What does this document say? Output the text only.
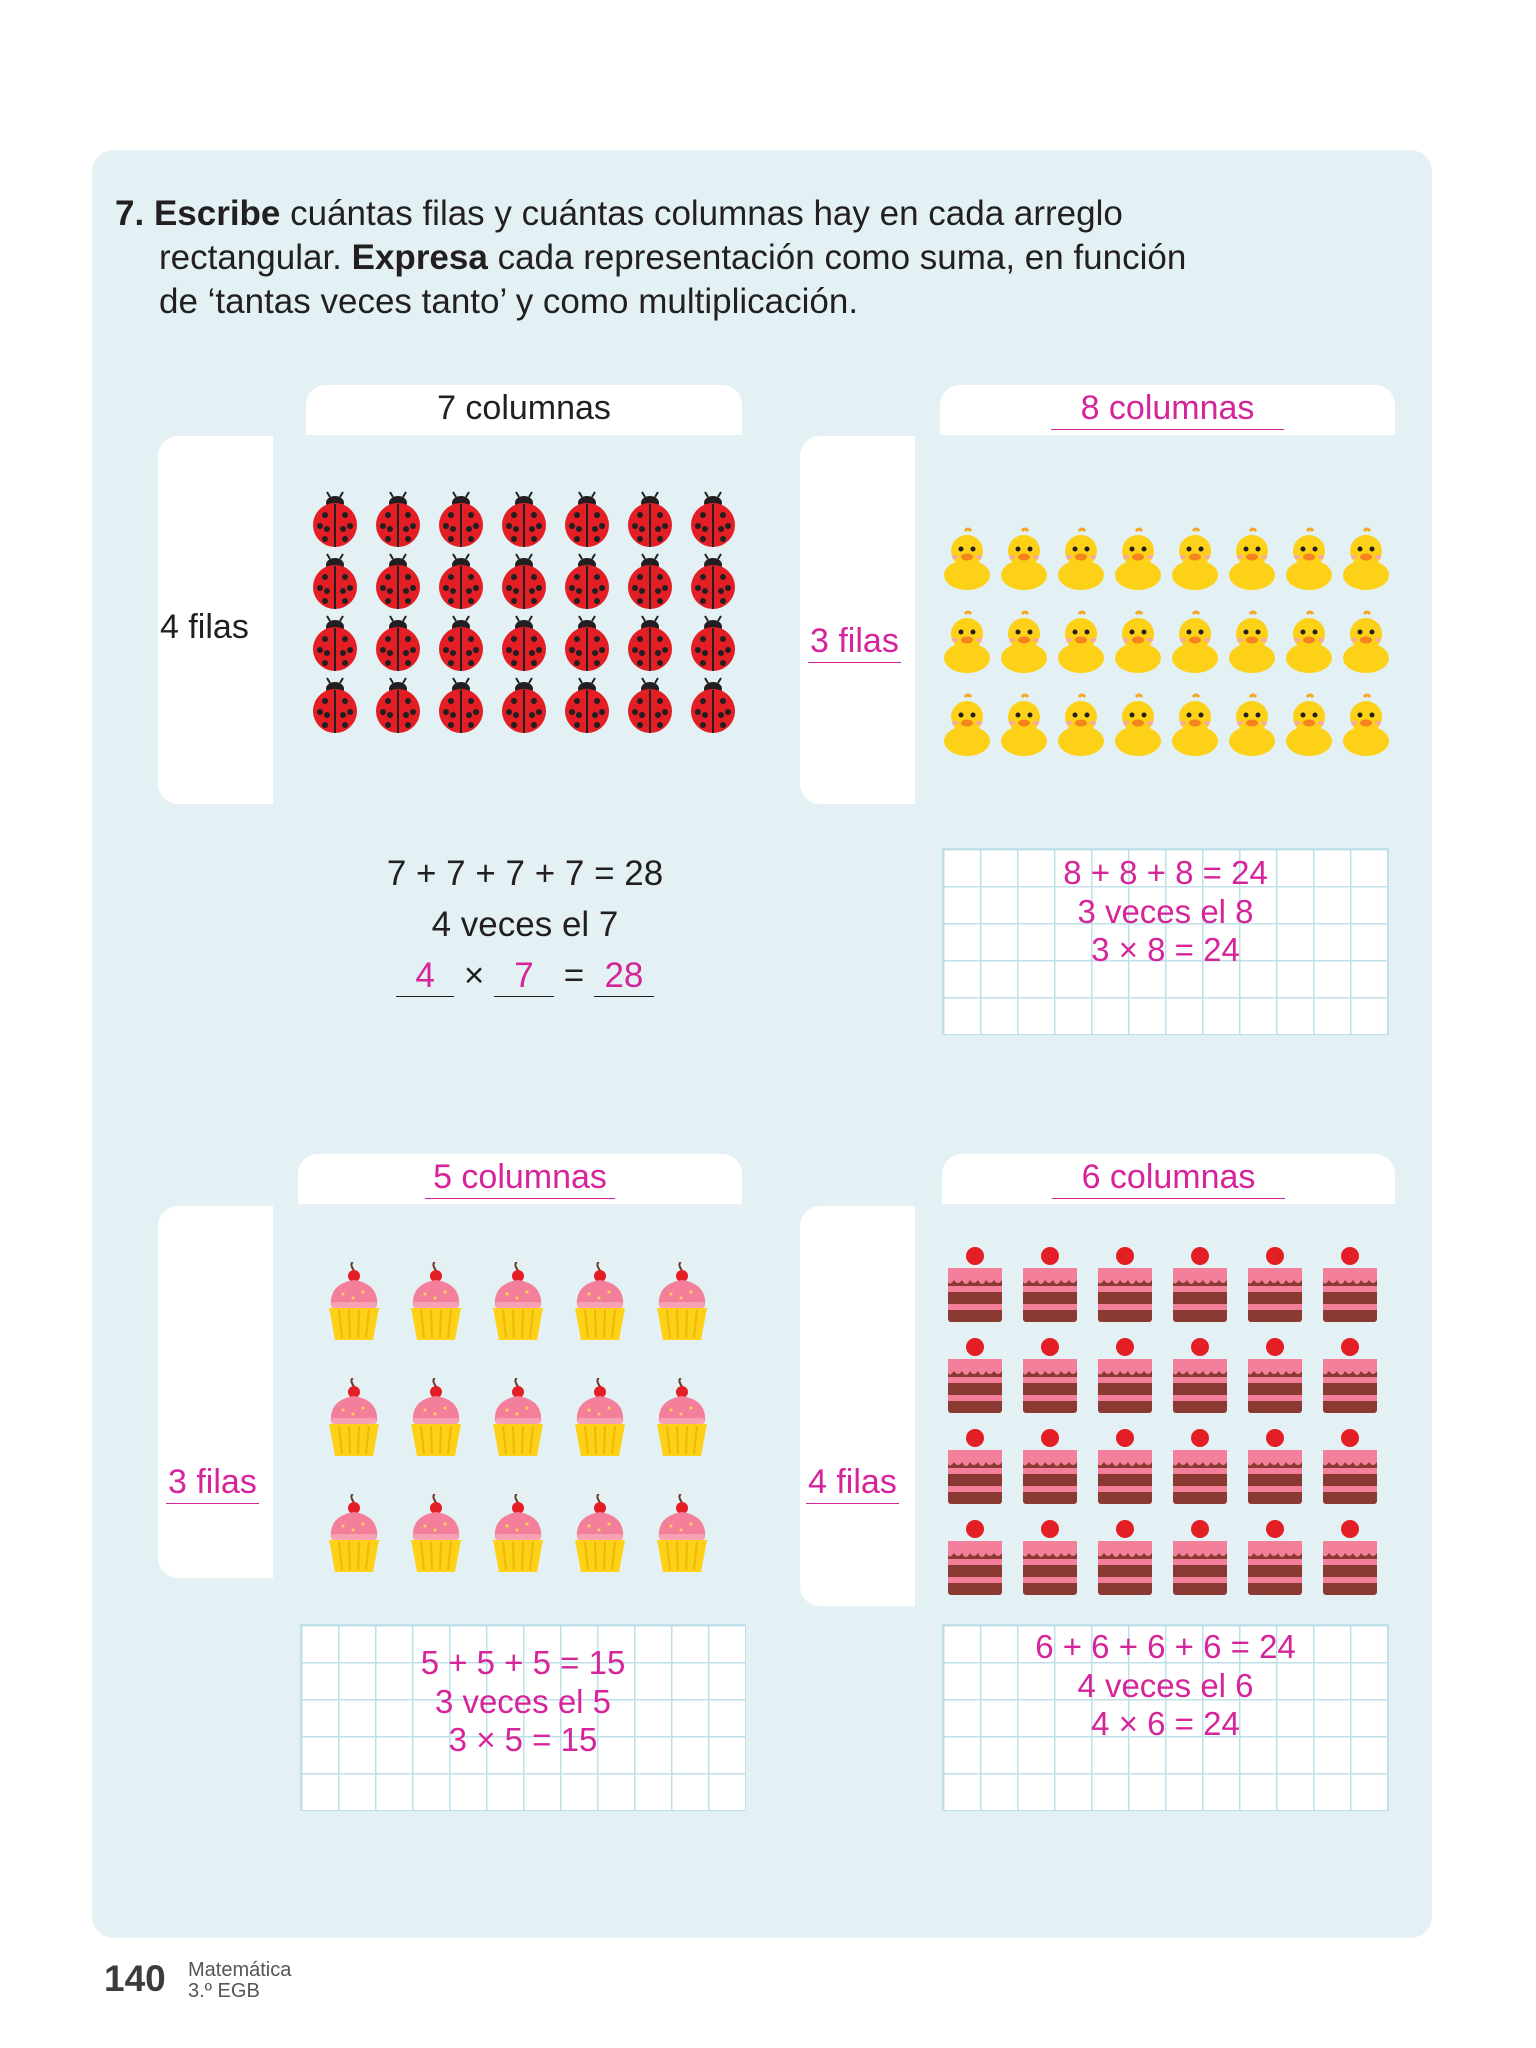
7. Escribe cuántas filas y cuántas columnas hay en cada arreglo
rectangular. Expresa cada representación como suma, en función
de ‘tantas veces tanto’ y como multiplicación.

7 columnas
4 filas
7 + 7 + 7 + 7 = 28
4 veces el 7
4 × 7 = 28
8 columnas
3 filas
8 + 8 + 8 = 24
3 veces el 8
3 × 8 = 24
5 columnas
3 filas
5 + 5 + 5 = 15
3 veces el 5
3 × 5 = 15
6 columnas
4 filas
6 + 6 + 6 + 6 = 24
4 veces el 6
4 × 6 = 24
140 Matemática
3.º EGB
